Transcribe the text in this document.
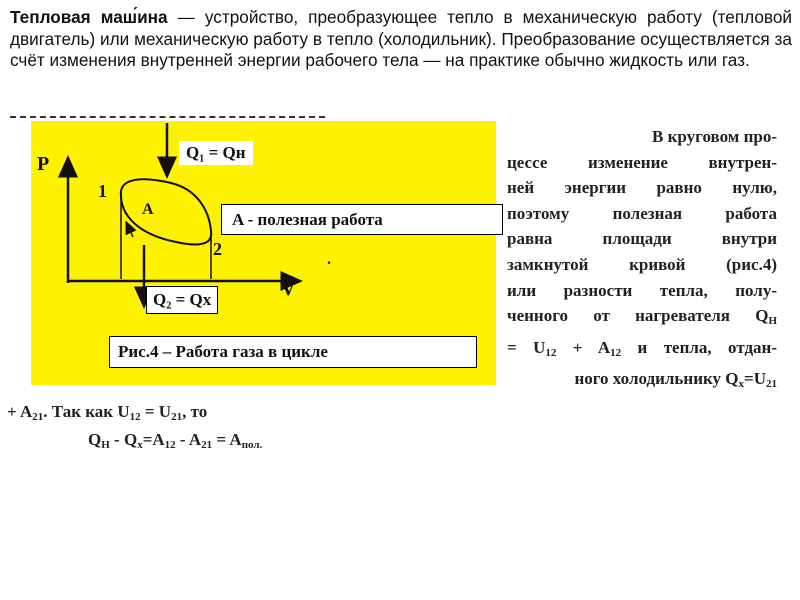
Тепловая маш́ина — устройство, преобразующее тепло в механическую работу (тепловой двигатель) или механическую работу в тепло (холодильник). Преобразование осуществляется за счёт изменения внутренней энергии рабочего тела — на практике обычно жидкость или газ.
P
V
1
2
A
.
Q₁ = Qн
Q₂ = Qх
A - полезная работа
Рис.4 – Работа газа в цикле
В круговом про-
цессе изменение внутрен-
ней энергии равно нулю,
поэтому полезная работа
равна площади внутри
замкнутой кривой (рис.4)
или разности тепла, полу-
ченного от нагревателя $Q_Н$
= $U_{12} + A_{12}$ и тепла, отдан-
ного холодильнику $Q_х=U_{21}$
+ $A_{21}$. Так как $U_{12} = U_{21}$, то
$Q_Н - Q_х=A_{12} - A_{21} = A_{пол.}$
